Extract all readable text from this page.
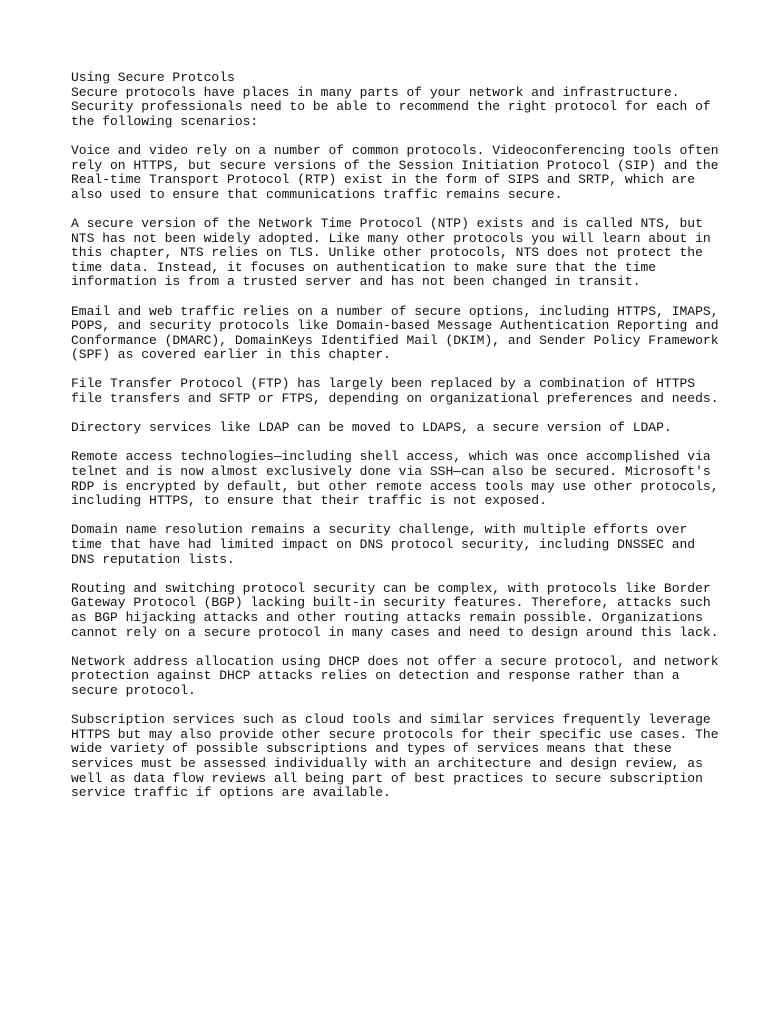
Using Secure Protcols
Secure protocols have places in many parts of your network and infrastructure.
Security professionals need to be able to recommend the right protocol for each of
the following scenarios:
Voice and video rely on a number of common protocols. Videoconferencing tools often
rely on HTTPS, but secure versions of the Session Initiation Protocol (SIP) and the
Real-time Transport Protocol (RTP) exist in the form of SIPS and SRTP, which are
also used to ensure that communications traffic remains secure.
A secure version of the Network Time Protocol (NTP) exists and is called NTS, but
NTS has not been widely adopted. Like many other protocols you will learn about in
this chapter, NTS relies on TLS. Unlike other protocols, NTS does not protect the
time data. Instead, it focuses on authentication to make sure that the time
information is from a trusted server and has not been changed in transit.
Email and web traffic relies on a number of secure options, including HTTPS, IMAPS,
POPS, and security protocols like Domain-based Message Authentication Reporting and
Conformance (DMARC), DomainKeys Identified Mail (DKIM), and Sender Policy Framework
(SPF) as covered earlier in this chapter.
File Transfer Protocol (FTP) has largely been replaced by a combination of HTTPS
file transfers and SFTP or FTPS, depending on organizational preferences and needs.
Directory services like LDAP can be moved to LDAPS, a secure version of LDAP.
Remote access technologies—including shell access, which was once accomplished via
telnet and is now almost exclusively done via SSH—can also be secured. Microsoft's
RDP is encrypted by default, but other remote access tools may use other protocols,
including HTTPS, to ensure that their traffic is not exposed.
Domain name resolution remains a security challenge, with multiple efforts over
time that have had limited impact on DNS protocol security, including DNSSEC and
DNS reputation lists.
Routing and switching protocol security can be complex, with protocols like Border
Gateway Protocol (BGP) lacking built-in security features. Therefore, attacks such
as BGP hijacking attacks and other routing attacks remain possible. Organizations
cannot rely on a secure protocol in many cases and need to design around this lack.
Network address allocation using DHCP does not offer a secure protocol, and network
protection against DHCP attacks relies on detection and response rather than a
secure protocol.
Subscription services such as cloud tools and similar services frequently leverage
HTTPS but may also provide other secure protocols for their specific use cases. The
wide variety of possible subscriptions and types of services means that these
services must be assessed individually with an architecture and design review, as
well as data flow reviews all being part of best practices to secure subscription
service traffic if options are available.
